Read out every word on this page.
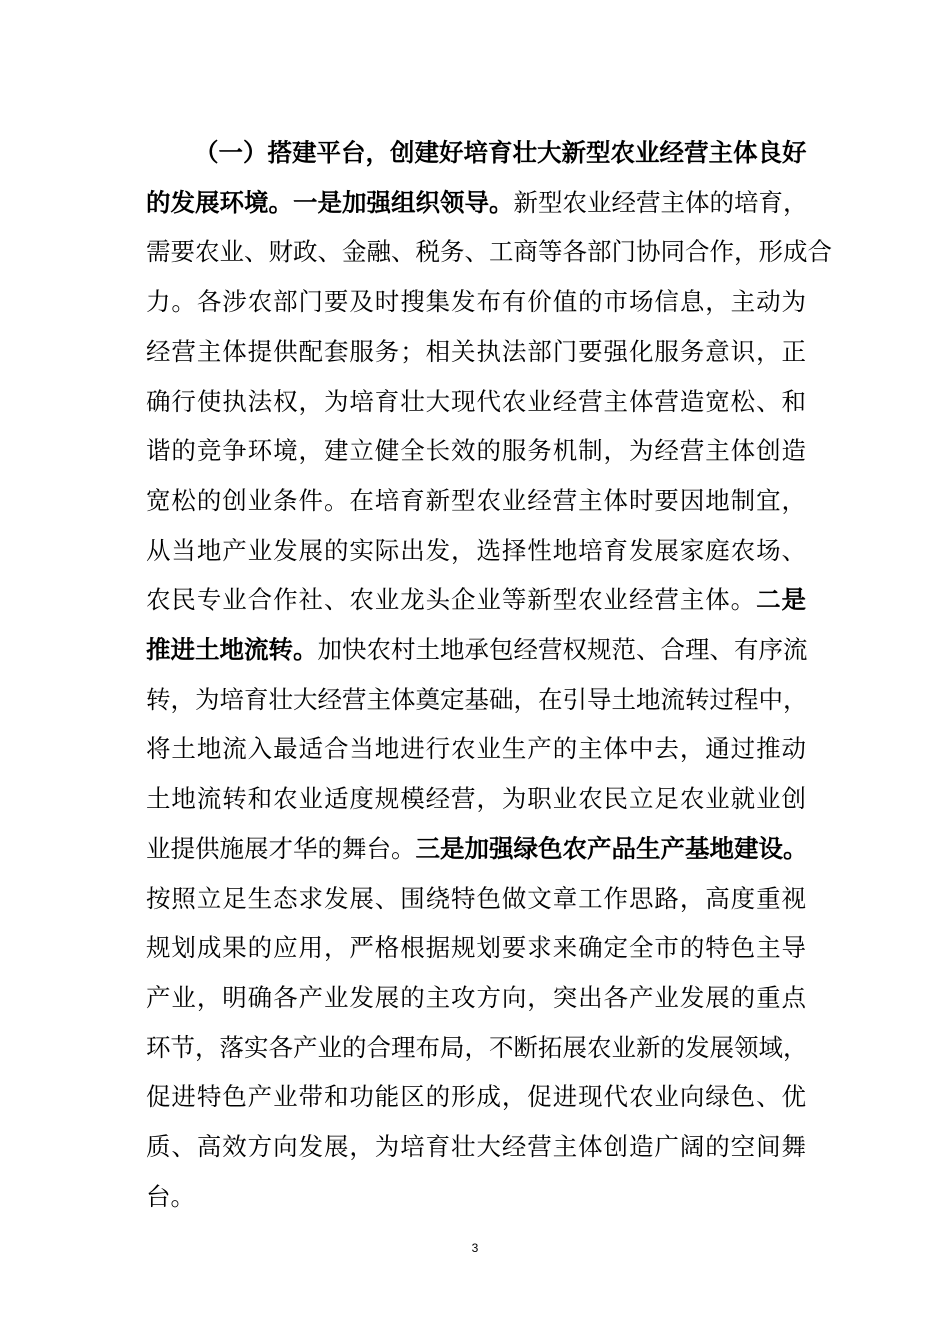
（一）搭建平台，创建好培育壮大新型农业经营主体良好
的发展环境。一是加强组织领导。新型农业经营主体的培育，
需要农业、财政、金融、税务、工商等各部门协同合作，形成合
力。各涉农部门要及时搜集发布有价值的市场信息，主动为
经营主体提供配套服务；相关执法部门要强化服务意识，正
确行使执法权，为培育壮大现代农业经营主体营造宽松、和
谐的竞争环境，建立健全长效的服务机制，为经营主体创造
宽松的创业条件。在培育新型农业经营主体时要因地制宜，
从当地产业发展的实际出发，选择性地培育发展家庭农场、
农民专业合作社、农业龙头企业等新型农业经营主体。二是
推进土地流转。加快农村土地承包经营权规范、合理、有序流
转，为培育壮大经营主体奠定基础，在引导土地流转过程中，
将土地流入最适合当地进行农业生产的主体中去，通过推动
土地流转和农业适度规模经营，为职业农民立足农业就业创
业提供施展才华的舞台。三是加强绿色农产品生产基地建设。
按照立足生态求发展、围绕特色做文章工作思路，高度重视
规划成果的应用，严格根据规划要求来确定全市的特色主导
产业，明确各产业发展的主攻方向，突出各产业发展的重点
环节，落实各产业的合理布局，不断拓展农业新的发展领域，
促进特色产业带和功能区的形成，促进现代农业向绿色、优
质、高效方向发展，为培育壮大经营主体创造广阔的空间舞
台。
3
